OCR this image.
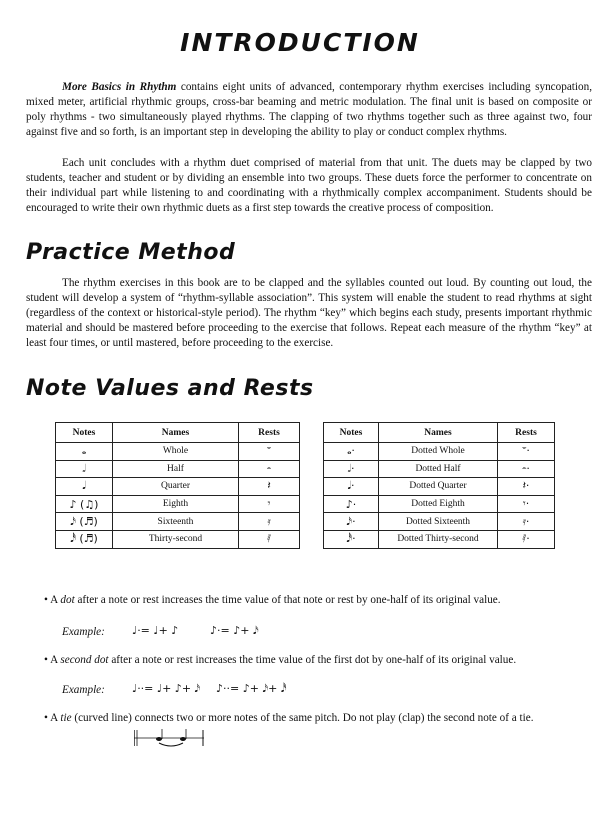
INTRODUCTION

More Basics in Rhythm contains eight units of advanced, contemporary rhythm exercises including syncopation, mixed meter, artificial rhythmic groups, cross-bar beaming and metric modulation. The final unit is based on composite or poly rhythms - two simultaneously played rhythms. The clapping of two rhythms together such as three against two, four against five and so forth, is an important step in developing the ability to play or conduct complex rhythms.

Each unit concludes with a rhythm duet comprised of material from that unit. The duets may be clapped by two students, teacher and student or by dividing an ensemble into two groups. These duets force the performer to concentrate on their individual part while listening to and coordinating with a rhythmically complex accompaniment. Students should be encouraged to write their own rhythmic duets as a first step towards the creative process of composition.

Practice Method

The rhythm exercises in this book are to be clapped and the syllables counted out loud. By counting out loud, the student will develop a system of “rhythm-syllable association”. This system will enable the student to read rhythms at sight (regardless of the context or historical-style period). The rhythm “key” which begins each study, presents important rhythmic material and should be mastered before proceeding to the exercise that follows. Repeat each measure of the rhythm “key” at least four times, or until mastered, before proceeding to the exercise.

Note Values and Rests
Notes	Names	Rests
𝅝	Whole	𝄻
𝅗𝅥	Half	𝄼
𝅘𝅥	Quarter	𝄽
♪ (♫)	Eighth	𝄾
𝅘𝅥𝅯 (♬)	Sixteenth	𝄿
𝅘𝅥𝅰 (♬)	Thirty-second	𝅀
Notes	Names	Rests
𝅝·	Dotted Whole	𝄻·
𝅗𝅥·	Dotted Half	𝄼·
𝅘𝅥·	Dotted Quarter	𝄽·
♪·	Dotted Eighth	𝄾·
𝅘𝅥𝅯·	Dotted Sixteenth	𝄿·
𝅘𝅥𝅰·	Dotted Thirty-second	𝅀·

• A dot after a note or rest increases the time value of that note or rest by one-half of its original value.

Example: ♩·= ♩+ ♪	♪·= ♪+ 𝅘𝅥𝅯

• A second dot after a note or rest increases the time value of the first dot by one-half of its original value.

Example: ♩··= ♩+ ♪+ 𝅘𝅥𝅯 ♪··= ♪+ 𝅘𝅥𝅯+ 𝅘𝅥𝅰

• A tie (curved line) connects two or more notes of the same pitch. Do not play (clap) the second note of a tie.
